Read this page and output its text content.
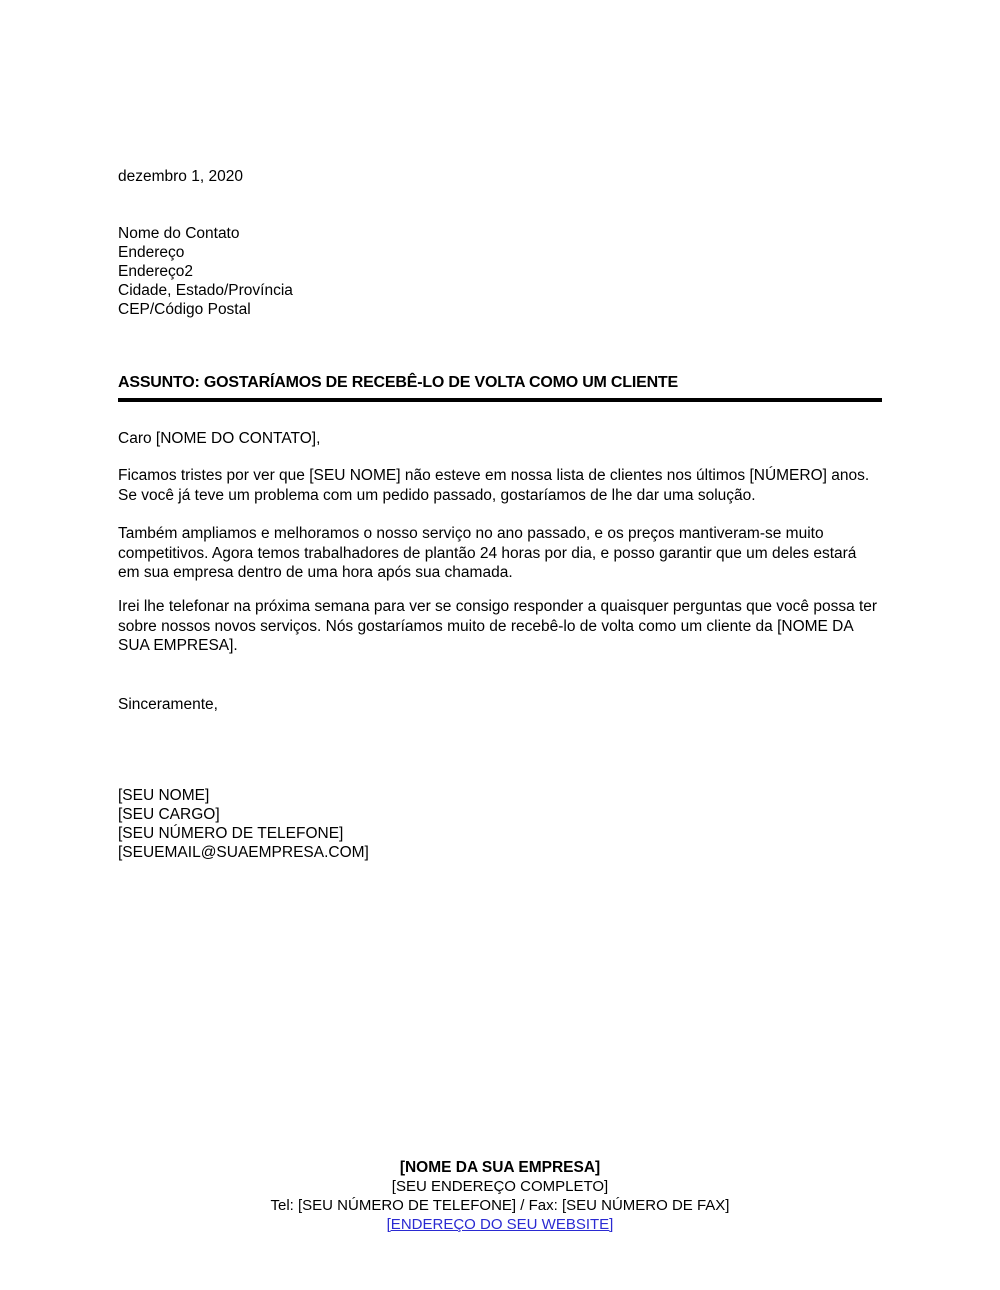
dezembro 1, 2020
Nome do Contato
Endereço
Endereço2
Cidade, Estado/Província
CEP/Código Postal

ASSUNTO: GOSTARÍAMOS DE RECEBÊ-LO DE VOLTA COMO UM CLIENTE

Caro [NOME DO CONTATO],

Ficamos tristes por ver que [SEU NOME] não esteve em nossa lista de clientes nos últimos [NÚMERO] anos. Se você já teve um problema com um pedido passado, gostaríamos de lhe dar uma solução.

Também ampliamos e melhoramos o nosso serviço no ano passado, e os preços mantiveram-se muito competitivos. Agora temos trabalhadores de plantão 24 horas por dia, e posso garantir que um deles estará em sua empresa dentro de uma hora após sua chamada.

Irei lhe telefonar na próxima semana para ver se consigo responder a quaisquer perguntas que você possa ter sobre nossos novos serviços. Nós gostaríamos muito de recebê-lo de volta como um cliente da [NOME DA SUA EMPRESA].

Sinceramente,
[SEU NOME]
[SEU CARGO]
[SEU NÚMERO DE TELEFONE]
[SEUEMAIL@SUAEMPRESA.COM]
[NOME DA SUA EMPRESA]
[SEU ENDEREÇO COMPLETO]
Tel: [SEU NÚMERO DE TELEFONE] / Fax: [SEU NÚMERO DE FAX]
[ENDEREÇO DO SEU WEBSITE]
